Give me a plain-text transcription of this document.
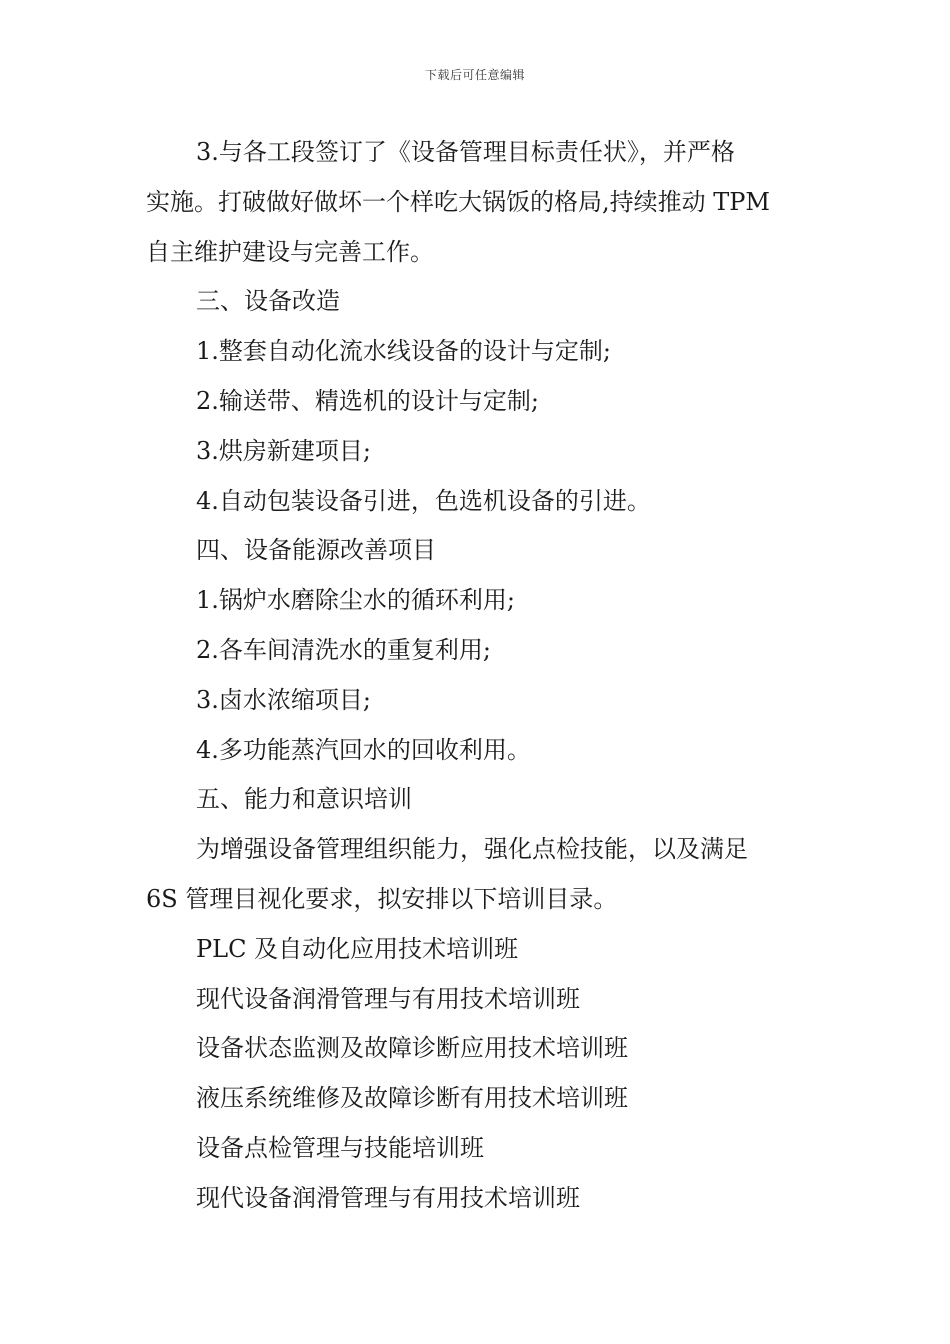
下载后可任意编辑

3.与各工段签订了《设备管理目标责任状》，并严格
实施。打破做好做坏一个样吃大锅饭的格局,持续推动 TPM
自主维护建设与完善工作。

三、设备改造

1.整套自动化流水线设备的设计与定制;

2.输送带、精选机的设计与定制;

3.烘房新建项目;

4.自动包装设备引进，色选机设备的引进。

四、设备能源改善项目

1.锅炉水磨除尘水的循环利用;

2.各车间清洗水的重复利用;

3.卤水浓缩项目;

4.多功能蒸汽回水的回收利用。

五、能力和意识培训

为增强设备管理组织能力，强化点检技能，以及满足

6S 管理目视化要求，拟安排以下培训目录。

PLC 及自动化应用技术培训班

现代设备润滑管理与有用技术培训班

设备状态监测及故障诊断应用技术培训班

液压系统维修及故障诊断有用技术培训班

设备点检管理与技能培训班

现代设备润滑管理与有用技术培训班
